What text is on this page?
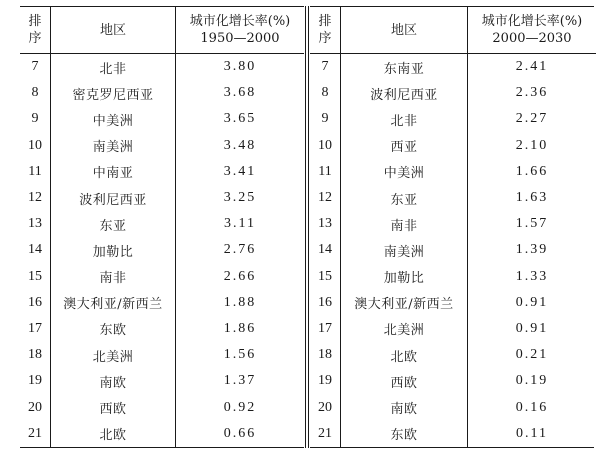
排
序	地区	城市化增长率(%)
1950—2000

7	北非	3.80
8	密克罗尼西亚	3.68
9	中美洲	3.65
10	南美洲	3.48
11	中南亚	3.41
12	波利尼西亚	3.25
13	东亚	3.11
14	加勒比	2.76
15	南非	2.66
16	澳大利亚/新西兰	1.88
17	东欧	1.86
18	北美洲	1.56
19	南欧	1.37
20	西欧	0.92
21	北欧	0.66
排
序	地区	城市化增长率(%)
2000—2030

7	东南亚	2.41
8	波利尼西亚	2.36
9	北非	2.27
10	西亚	2.10
11	中美洲	1.66
12	东亚	1.63
13	南非	1.57
14	南美洲	1.39
15	加勒比	1.33
16	澳大利亚/新西兰	0.91
17	北美洲	0.91
18	北欧	0.21
19	西欧	0.19
20	南欧	0.16
21	东欧	0.11
